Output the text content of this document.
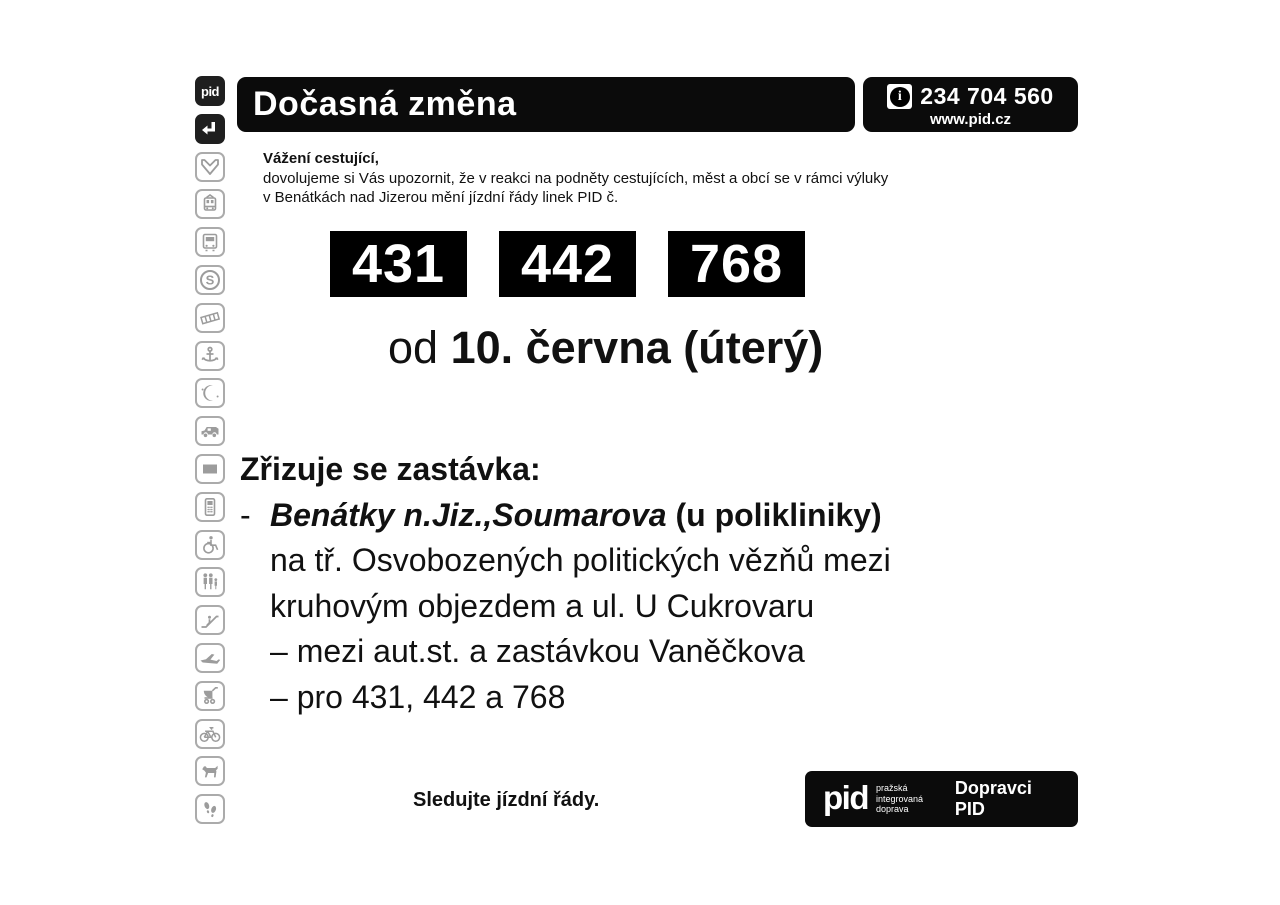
pid
S
Dočasná změna	i 234 704 560
www.pid.cz
Vážení cestující,
dovolujeme si Vás upozornit, že v reakci na podněty cestujících, měst a obcí se v rámci výluky
v Benátkách nad Jizerou mění jízdní řády linek PID č.
431	442	768
od 10. června (úterý)
Zřizuje se zastávka:
- Benátky n.Jiz.,Soumarova (u polikliniky)
na tř. Osvobozených politických vězňů mezi
kruhovým objezdem a ul. U Cukrovaru
– mezi aut.st. a zastávkou Vaněčkova
– pro 431, 442 a 768
Sledujte jízdní řády.	pid pražská integrovaná
doprava
Dopravci PID
